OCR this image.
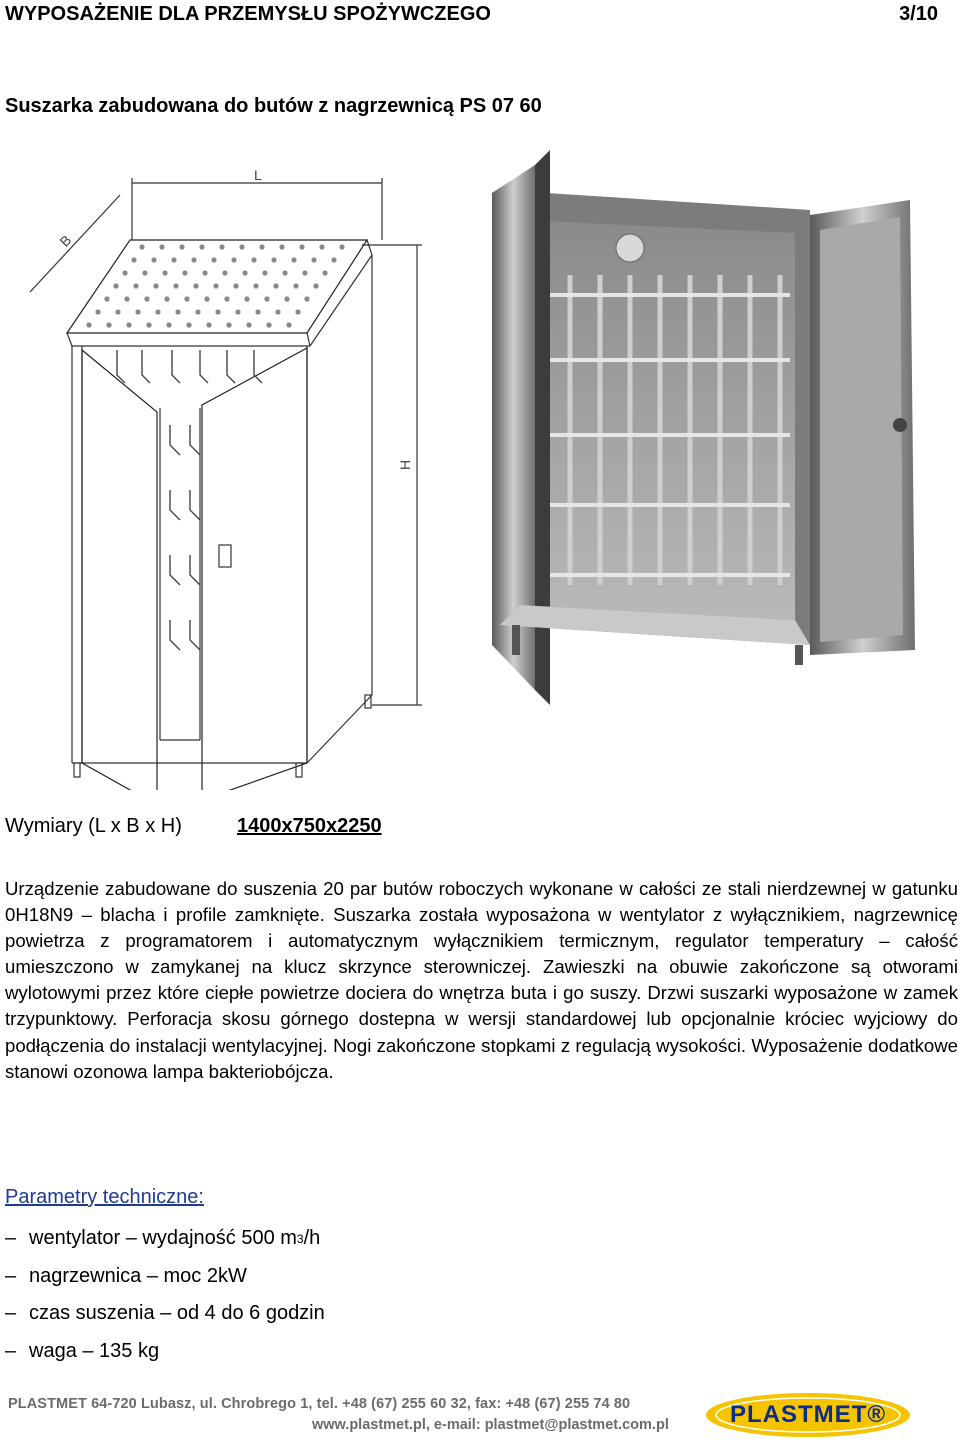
WYPOSAŻENIE DLA PRZEMYSŁU SPOŻYWCZEGO	3/10
Suszarka zabudowana do butów z nagrzewnicą PS 07 60
L
B
H
Wymiary (L x B x H)	1400x750x2250
Urządzenie zabudowane do suszenia 20 par butów roboczych wykonane w całości ze stali nierdzewnej w gatunku 0H18N9 – blacha i profile zamknięte. Suszarka została wyposażona w wentylator z wyłącznikiem, nagrzewnicę powietrza z programatorem i automatycznym wyłącznikiem termicznym, regulator temperatury – całość umieszczono w zamykanej na klucz skrzynce sterowniczej. Zawieszki na obuwie zakończone są otworami wylotowymi przez które ciepłe powietrze dociera do wnętrza buta i go suszy. Drzwi suszarki wyposażone w zamek trzypunktowy. Perforacja skosu górnego dostepna w wersji standardowej lub opcjonalnie króciec wyjciowy do podłączenia do instalacji wentylacyjnej. Nogi zakończone stopkami z regulacją wysokości. Wyposażenie dodatkowe stanowi ozonowa lampa bakteriobójcza.
Parametry techniczne:
– wentylator – wydajność 500 m 3 /h
– nagrzewnica – moc 2kW
– czas suszenia – od 4 do 6 godzin
– waga – 135 kg
PLASTMET 64-720 Lubasz, ul. Chrobrego 1, tel. +48 (67) 255 60 32, fax: +48 (67) 255 74 80
www.plastmet.pl, e-mail: plastmet@plastmet.com.pl	PLASTMET®
